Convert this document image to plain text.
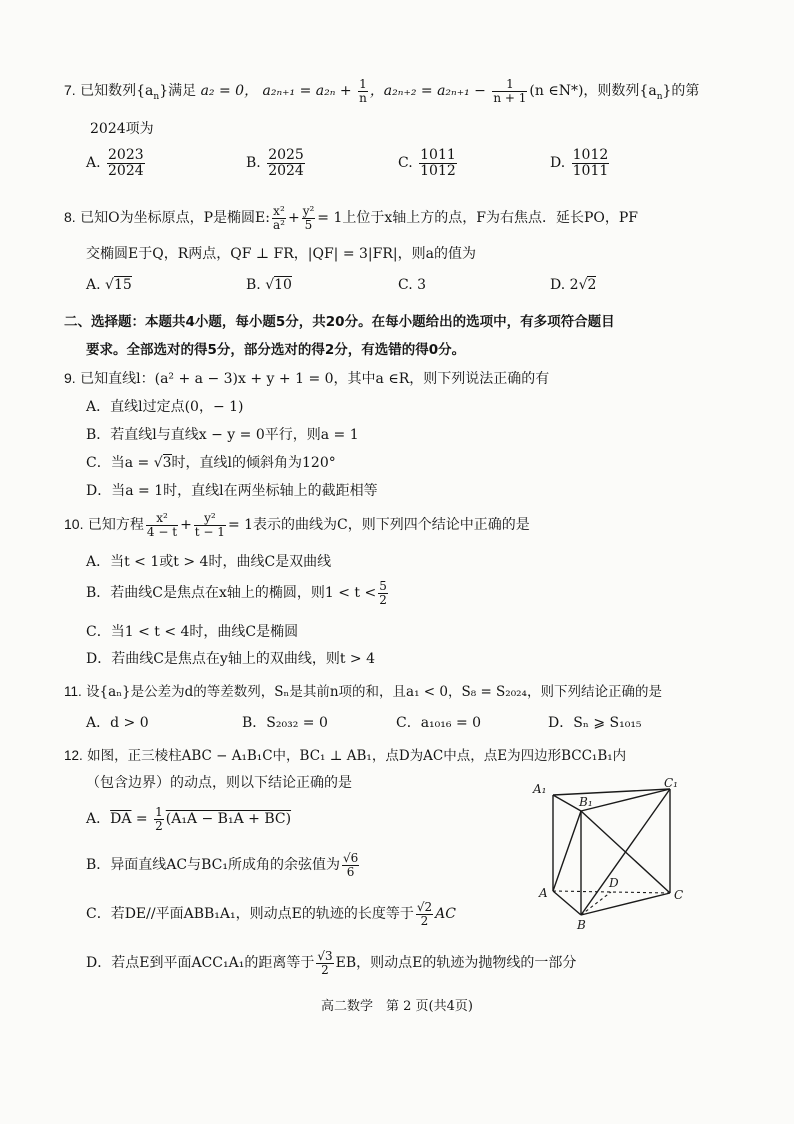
7. 已知数列$\{a_n\}$满足 a₂ = 0， $a_{2n+1} = a_{2n} + \frac{1}{n}$ ，$a_{2n+2} = a_{2n+1} - \frac{1}{n + 1} (n$ ∈N*)，则数列$\{a_n\}$的第
2024项为
A. $\frac{2023}{2024}$	B. $\frac{2025}{2024}$	C. $\frac{1011}{1012}$	D. $\frac{1012}{1011}$
8. 已知O为坐标原点，P是椭圆E: $\frac{\text{x²}}{\text{a²}} + \frac{\text{y²}}{5} = 1$上位于x轴上方的点，F为右焦点．延长PO，PF
交椭圆E于Q，R两点，QF ⊥ FR，|QF| = 3|FR|，则a的值为
A. √15	B. √10	C. 3	D. 2√2
二、选择题：本题共4小题，每小题5分，共20分。在每小题给出的选项中，有多项符合题目
要求。全部选对的得5分，部分选对的得2分，有选错的得0分。
9. 已知直线l：(a² + a − 3)x + y + 1 = 0，其中a ∈R，则下列说法正确的有
A．直线l过定点(0，− 1)
B．若直线l与直线x − y = 0平行，则a = 1
C．当a = √3时，直线l的倾斜角为120°
D．当a = 1时，直线l在两坐标轴上的截距相等
10. 已知方程 $\frac{\text{x²}}{4 - t} + \frac{\text{y²}}{t - 1} = 1$表示的曲线为C，则下列四个结论中正确的是
A．当t < 1或t > 4时，曲线C是双曲线
B．若曲线C是焦点在x轴上的椭圆，则$1 < t < \frac{5}{2}$
C．当1 < t < 4时，曲线C是椭圆
D．若曲线C是焦点在y轴上的双曲线，则t > 4
11. 设{aₙ}是公差为d的等差数列，Sₙ是其前n项的和，且a₁ < 0，S₈ = S₂₀₂₄，则下列结论正确的是
A．d > 0	B．S₂₀₃₂ = 0	C．a₁₀₁₆ = 0	D．Sₙ ⩾ S₁₀₁₅
12. 如图，正三棱柱ABC − A₁B₁C中，BC₁ ⊥ AB₁，点D为AC中点，点E为四边形BCC₁B₁内
（包含边界）的动点，则以下结论正确的是
A．$\overline{DA} = \frac{1}{2} (A_1A - B_1A + BC)$
B．异面直线AC与BC₁所成角的余弦值为 $\frac{√6}{6}$
C．若DE//平面ABB₁A₁，则动点E的轨迹的长度等于 $\frac{√2}{2}$ AC
D．若点E到平面ACC₁A₁的距离等于 $\frac{√3}{2}$ EB，则动点E的轨迹为抛物线的一部分
A₁
B₁
C₁
A
D
C
B
高二数学　第 2 页(共4页)
